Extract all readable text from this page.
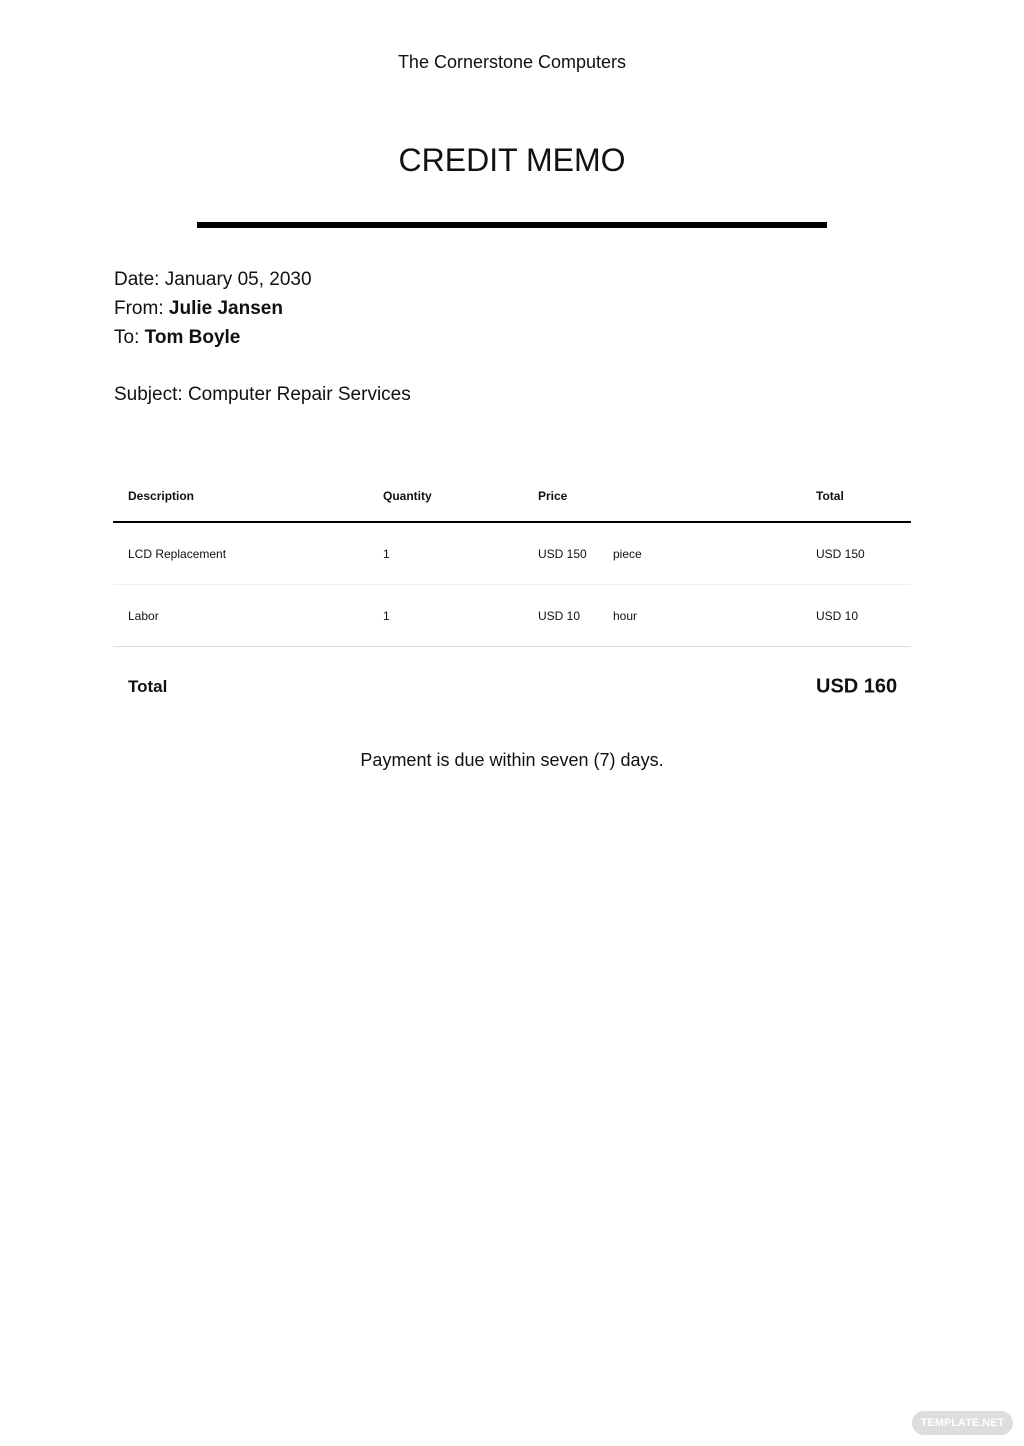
The Cornerstone Computers
CREDIT MEMO
Date: January 05, 2030
From: Julie Jansen
To: Tom Boyle
Subject: Computer Repair Services
Description	Quantity	Price	Total
LCD Replacement	1	USD 150 piece	USD 150
Labor	1	USD 10	hour	USD 10
Total	USD 160
Payment is due within seven (7) days.
TEMPLATE.NET
